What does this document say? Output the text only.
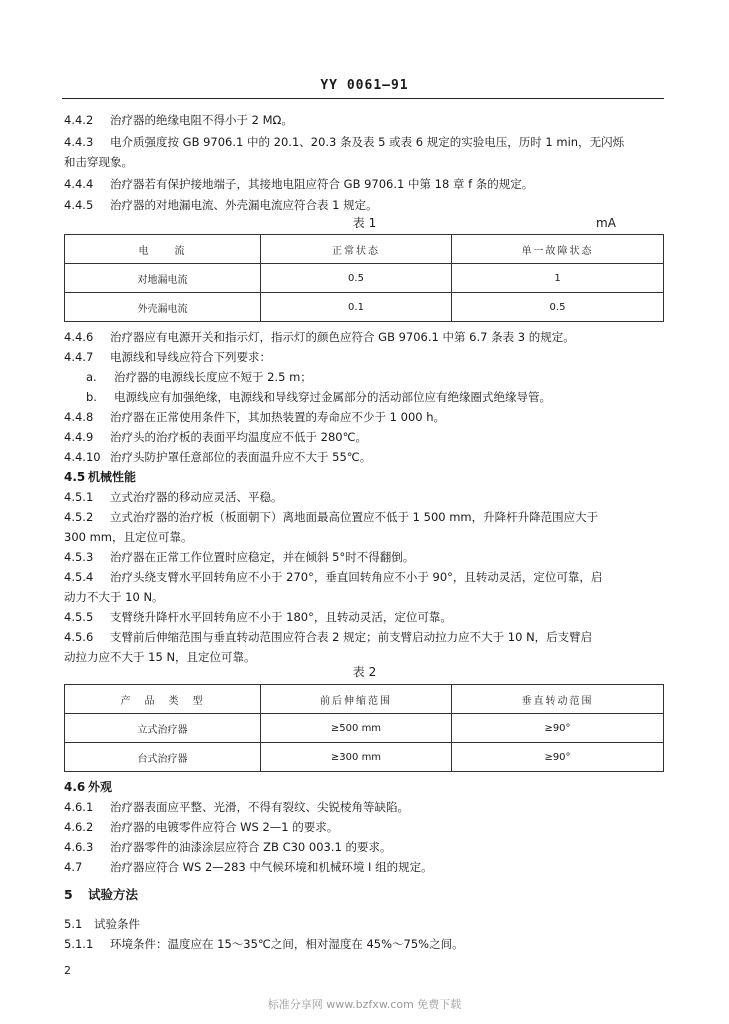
YY 0061—91
4.4.2 治疗器的绝缘电阻不得小于 2 MΩ。
4.4.3 电介质强度按 GB 9706.1 中的 20.1、20.3 条及表 5 或表 6 规定的实验电压，历时 1 min，无闪烁
和击穿现象。
4.4.4 治疗器若有保护接地端子，其接地电阻应符合 GB 9706.1 中第 18 章 f 条的规定。
4.4.5 治疗器的对地漏电流、外壳漏电流应符合表 1 规定。
表 1	mA
电　　流	正常状态	单一故障状态
对地漏电流	0.5	1
外壳漏电流	0.1	0.5
4.4.6 治疗器应有电源开关和指示灯，指示灯的颜色应符合 GB 9706.1 中第 6.7 条表 3 的规定。
4.4.7 电源线和导线应符合下列要求：
a. 治疗器的电源线长度应不短于 2.5 m；
b. 电源线应有加强绝缘，电源线和导线穿过金属部分的活动部位应有绝缘圈式绝缘导管。
4.4.8 治疗器在正常使用条件下，其加热装置的寿命应不少于 1 000 h。
4.4.9 治疗头的治疗板的表面平均温度应不低于 280℃。
4.4.10 治疗头防护罩任意部位的表面温升应不大于 55℃。
4.5 机械性能
4.5.1 立式治疗器的移动应灵活、平稳。
4.5.2 立式治疗器的治疗板（板面朝下）离地面最高位置应不低于 1 500 mm，升降杆升降范围应大于
300 mm，且定位可靠。
4.5.3 治疗器在正常工作位置时应稳定，并在倾斜 5°时不得翻倒。
4.5.4 治疗头绕支臂水平回转角应不小于 270°，垂直回转角应不小于 90°，且转动灵活，定位可靠，启
动力不大于 10 N。
4.5.5 支臂绕升降杆水平回转角应不小于 180°，且转动灵活，定位可靠。
4.5.6 支臂前后伸缩范围与垂直转动范围应符合表 2 规定；前支臂启动拉力应不大于 10 N，后支臂启
动拉力应不大于 15 N，且定位可靠。
表 2
产　品　类　型	前后伸缩范围	垂直转动范围
立式治疗器	≥500 mm	≥90°
台式治疗器	≥300 mm	≥90°
4.6 外观
4.6.1 治疗器表面应平整、光滑，不得有裂纹、尖锐棱角等缺陷。
4.6.2 治疗器的电镀零件应符合 WS 2—1 的要求。
4.6.3 治疗器零件的油漆涂层应符合 ZB C30 003.1 的要求。
4.7 治疗器应符合 WS 2—283 中气候环境和机械环境 I 组的规定。
5 试验方法
5.1 试验条件
5.1.1 环境条件：温度应在 15～35℃之间，相对湿度在 45%～75%之间。
2
标准分享网 www.bzfxw.com 免费下载
